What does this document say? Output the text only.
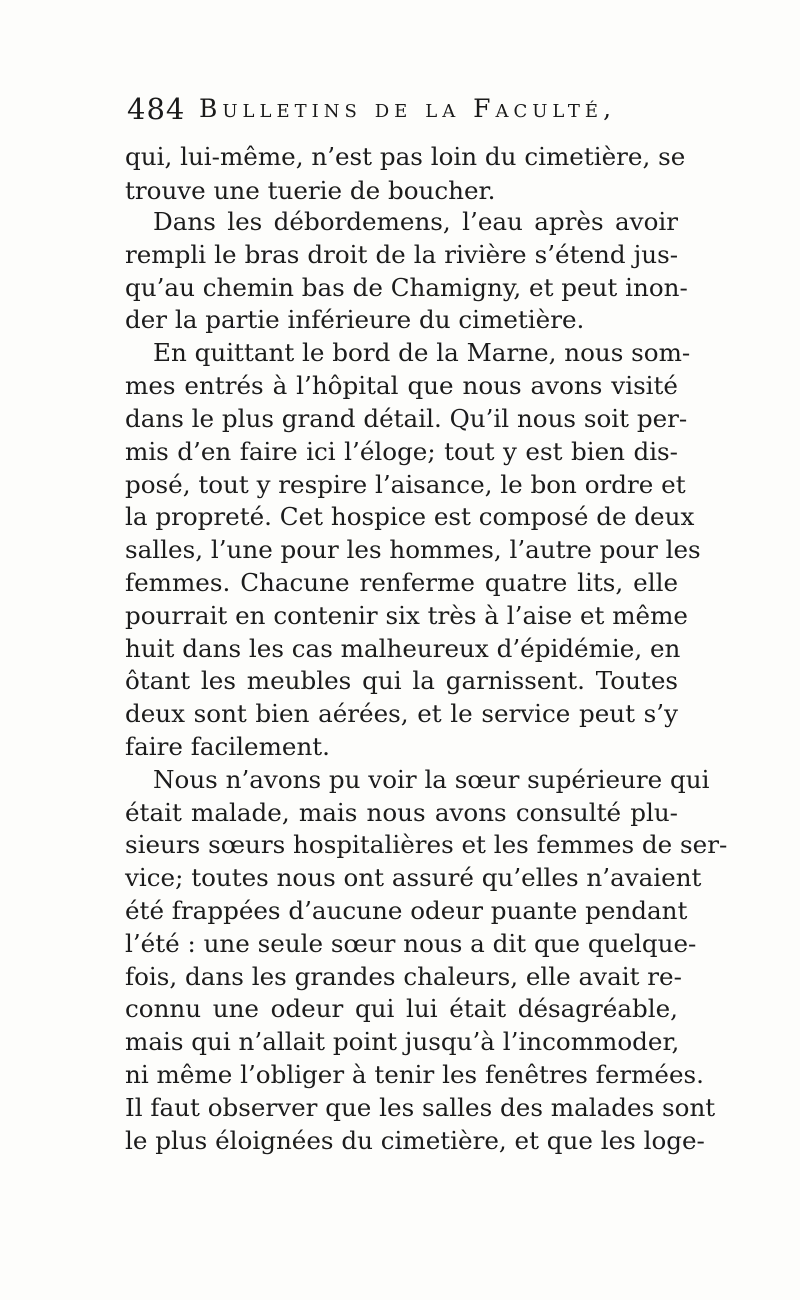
484 Bulletins de la Faculté,
qui, lui-même, n’est pas loin du cimetière, se
trouve une tuerie de boucher.
Dans les débordemens, l’eau après avoir
rempli le bras droit de la rivière s’étend jus-
qu’au chemin bas de Chamigny, et peut inon-
der la partie inférieure du cimetière.
En quittant le bord de la Marne, nous som-
mes entrés à l’hôpital que nous avons visité
dans le plus grand détail. Qu’il nous soit per-
mis d’en faire ici l’éloge; tout y est bien dis-
posé, tout y respire l’aisance, le bon ordre et
la propreté. Cet hospice est composé de deux
salles, l’une pour les hommes, l’autre pour les
femmes. Chacune renferme quatre lits, elle
pourrait en contenir six très à l’aise et même
huit dans les cas malheureux d’épidémie, en
ôtant les meubles qui la garnissent. Toutes
deux sont bien aérées, et le service peut s’y
faire facilement.
Nous n’avons pu voir la sœur supérieure qui
était malade, mais nous avons consulté plu-
sieurs sœurs hospitalières et les femmes de ser-
vice; toutes nous ont assuré qu’elles n’avaient
été frappées d’aucune odeur puante pendant
l’été : une seule sœur nous a dit que quelque-
fois, dans les grandes chaleurs, elle avait re-
connu une odeur qui lui était désagréable,
mais qui n’allait point jusqu’à l’incommoder,
ni même l’obliger à tenir les fenêtres fermées.
Il faut observer que les salles des malades sont
le plus éloignées du cimetière, et que les loge-
